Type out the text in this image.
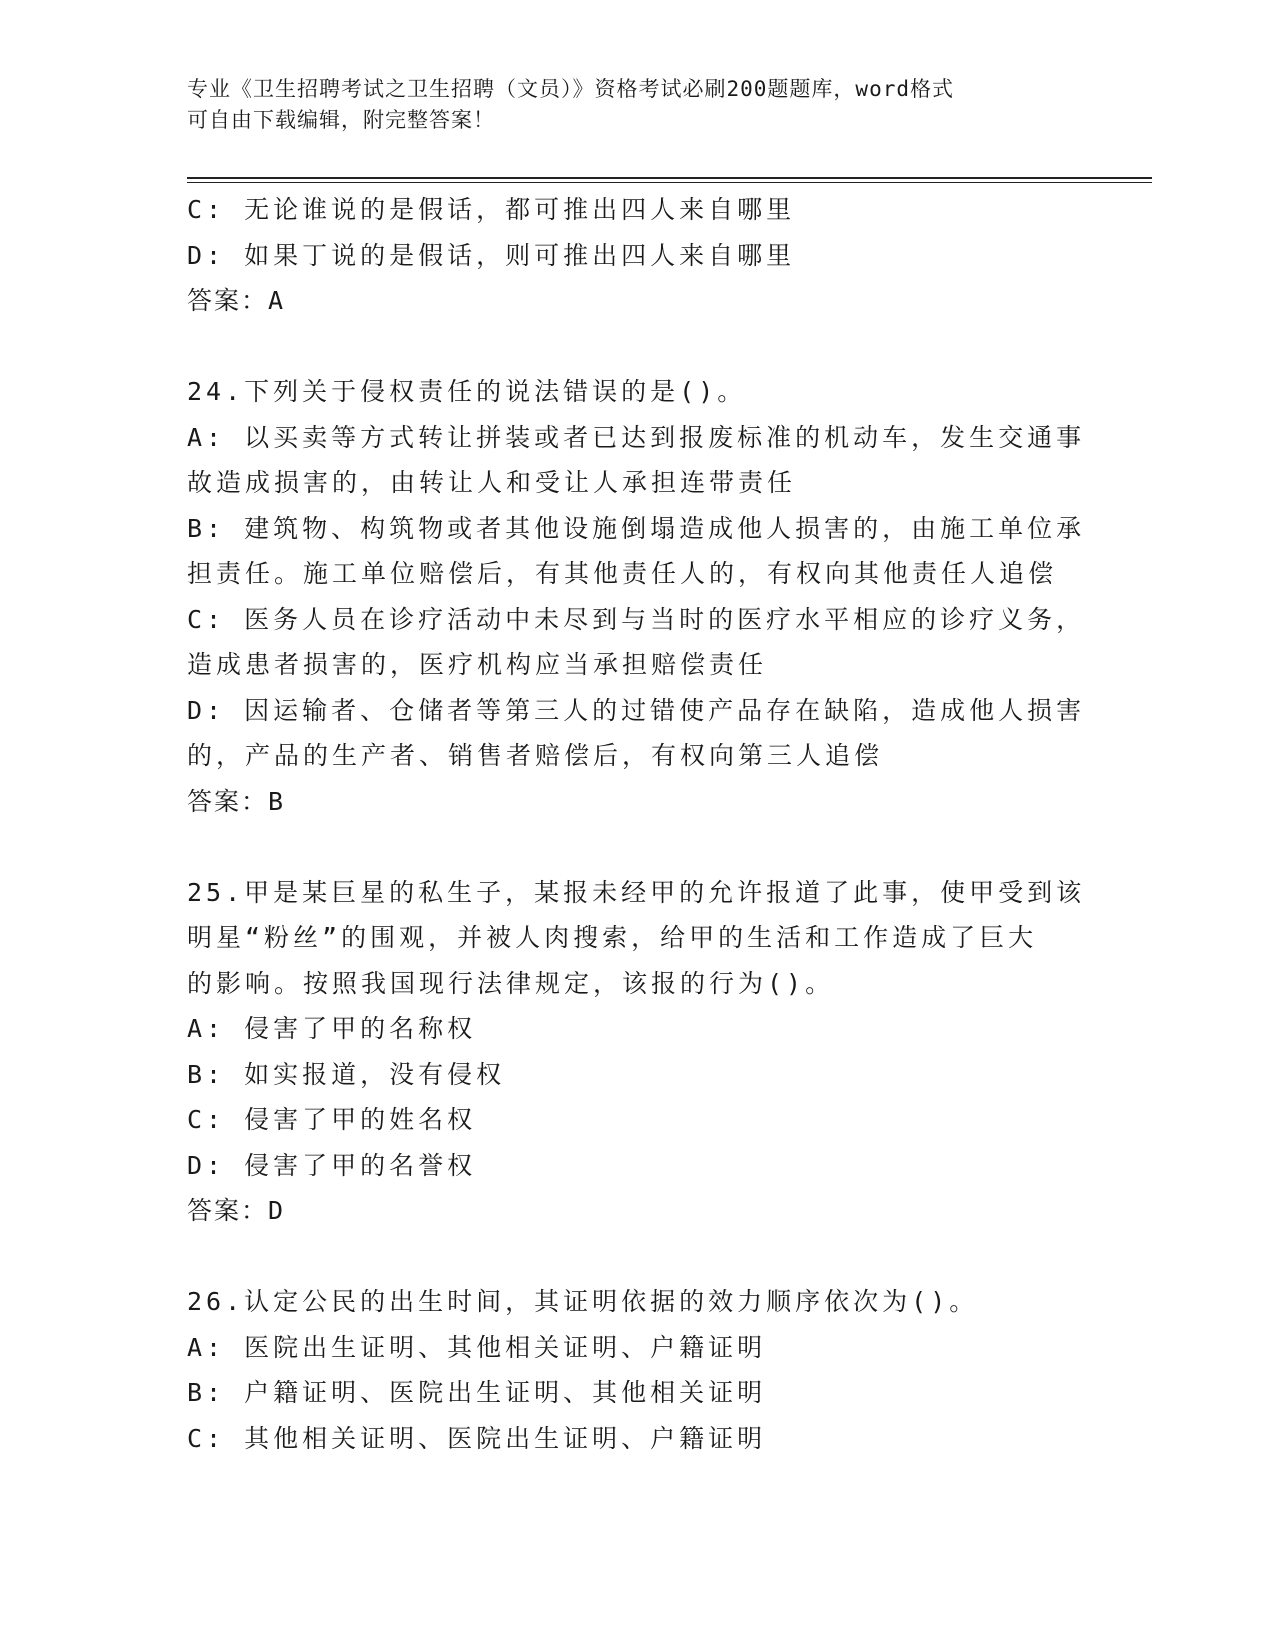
专业《卫生招聘考试之卫生招聘（文员）》资格考试必刷200题题库，word格式
可自由下载编辑，附完整答案！
C: 无论谁说的是假话，都可推出四人来自哪里
D: 如果丁说的是假话，则可推出四人来自哪里
答案：A
24.下列关于侵权责任的说法错误的是()。
A: 以买卖等方式转让拼装或者已达到报废标准的机动车，发生交通事
故造成损害的，由转让人和受让人承担连带责任
B: 建筑物、构筑物或者其他设施倒塌造成他人损害的，由施工单位承
担责任。施工单位赔偿后，有其他责任人的，有权向其他责任人追偿
C: 医务人员在诊疗活动中未尽到与当时的医疗水平相应的诊疗义务，
造成患者损害的，医疗机构应当承担赔偿责任
D: 因运输者、仓储者等第三人的过错使产品存在缺陷，造成他人损害
的，产品的生产者、销售者赔偿后，有权向第三人追偿
答案：B
25.甲是某巨星的私生子，某报未经甲的允许报道了此事，使甲受到该
明星“粉丝”的围观，并被人肉搜索，给甲的生活和工作造成了巨大
的影响。按照我国现行法律规定，该报的行为()。
A: 侵害了甲的名称权
B: 如实报道，没有侵权
C: 侵害了甲的姓名权
D: 侵害了甲的名誉权
答案：D
26.认定公民的出生时间，其证明依据的效力顺序依次为()。
A: 医院出生证明、其他相关证明、户籍证明
B: 户籍证明、医院出生证明、其他相关证明
C: 其他相关证明、医院出生证明、户籍证明
